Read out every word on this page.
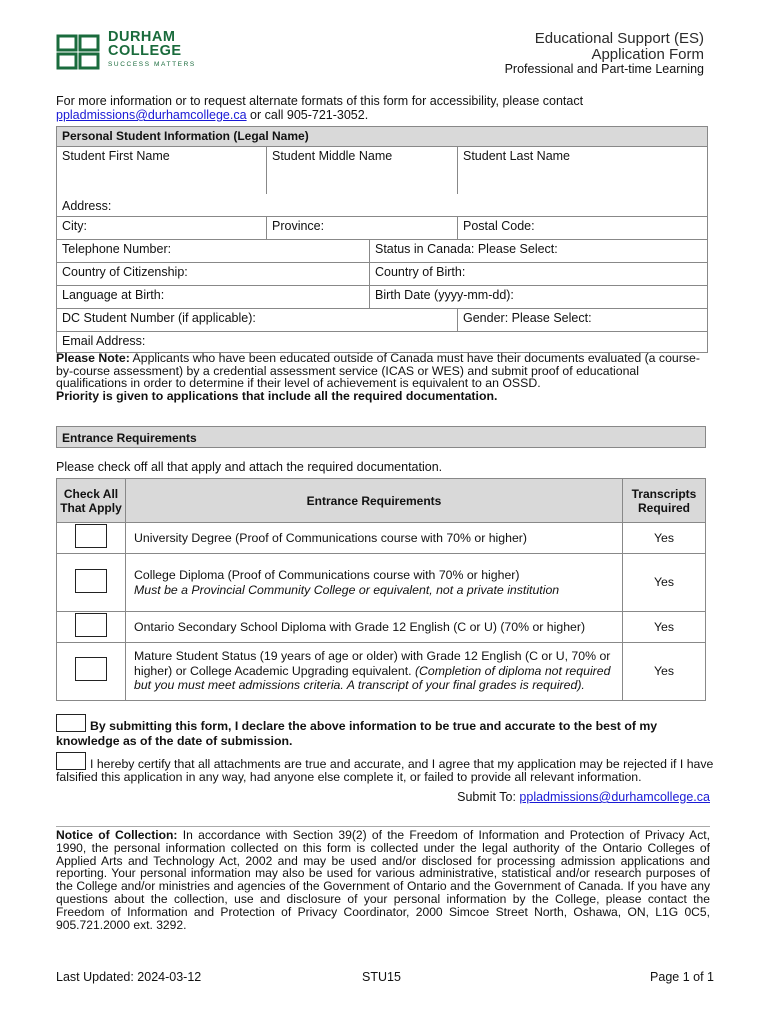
DURHAM
COLLEGE
SUCCESS MATTERS
Educational Support (ES)
Application Form
Professional and Part-time Learning
For more information or to request alternate formats of this form for accessibility, please contact
ppladmissions@durhamcollege.ca or call 905-721-3052.
Personal Student Information (Legal Name)
Student First Name	Student Middle Name	Student Last Name
Address:
City:	Province:	Postal Code:
Telephone Number:	Status in Canada: Please Select:
Country of Citizenship:	Country of Birth:
Language at Birth:	Birth Date (yyyy-mm-dd):
DC Student Number (if applicable):	Gender: Please Select:
Email Address:
Please Note: Applicants who have been educated outside of Canada must have their documents evaluated (a course-by-course assessment) by a credential assessment service (ICAS or WES) and submit proof of educational qualifications in order to determine if their level of achievement is equivalent to an OSSD.
Priority is given to applications that include all the required documentation.
Entrance Requirements
Please check off all that apply and attach the required documentation.
Check All That Apply	Entrance Requirements	Transcripts Required
	University Degree (Proof of Communications course with 70% or higher)	Yes
	College Diploma (Proof of Communications course with 70% or higher)
Must be a Provincial Community College or equivalent, not a private institution	Yes
	Ontario Secondary School Diploma with Grade 12 English (C or U) (70% or higher)	Yes
	Mature Student Status (19 years of age or older) with Grade 12 English (C or U, 70% or higher) or College Academic Upgrading equivalent. (Completion of diploma not required but you must meet admissions criteria. A transcript of your final grades is required).	Yes
By submitting this form, I declare the above information to be true and accurate to the best of my knowledge as of the date of submission.
I hereby certify that all attachments are true and accurate, and I agree that my application may be rejected if I have falsified this application in any way, had anyone else complete it, or failed to provide all relevant information.
Submit To: ppladmissions@durhamcollege.ca
Notice of Collection: In accordance with Section 39(2) of the Freedom of Information and Protection of Privacy Act, 1990, the personal information collected on this form is collected under the legal authority of the Ontario Colleges of Applied Arts and Technology Act, 2002 and may be used and/or disclosed for processing admission applications and reporting. Your personal information may also be used for various administrative, statistical and/or research purposes of the College and/or ministries and agencies of the Government of Ontario and the Government of Canada. If you have any questions about the collection, use and disclosure of your personal information by the College, please contact the Freedom of Information and Protection of Privacy Coordinator, 2000 Simcoe Street North, Oshawa, ON, L1G 0C5, 905.721.2000 ext. 3292.
Last Updated: 2024-03-12	STU15	Page 1 of 1
